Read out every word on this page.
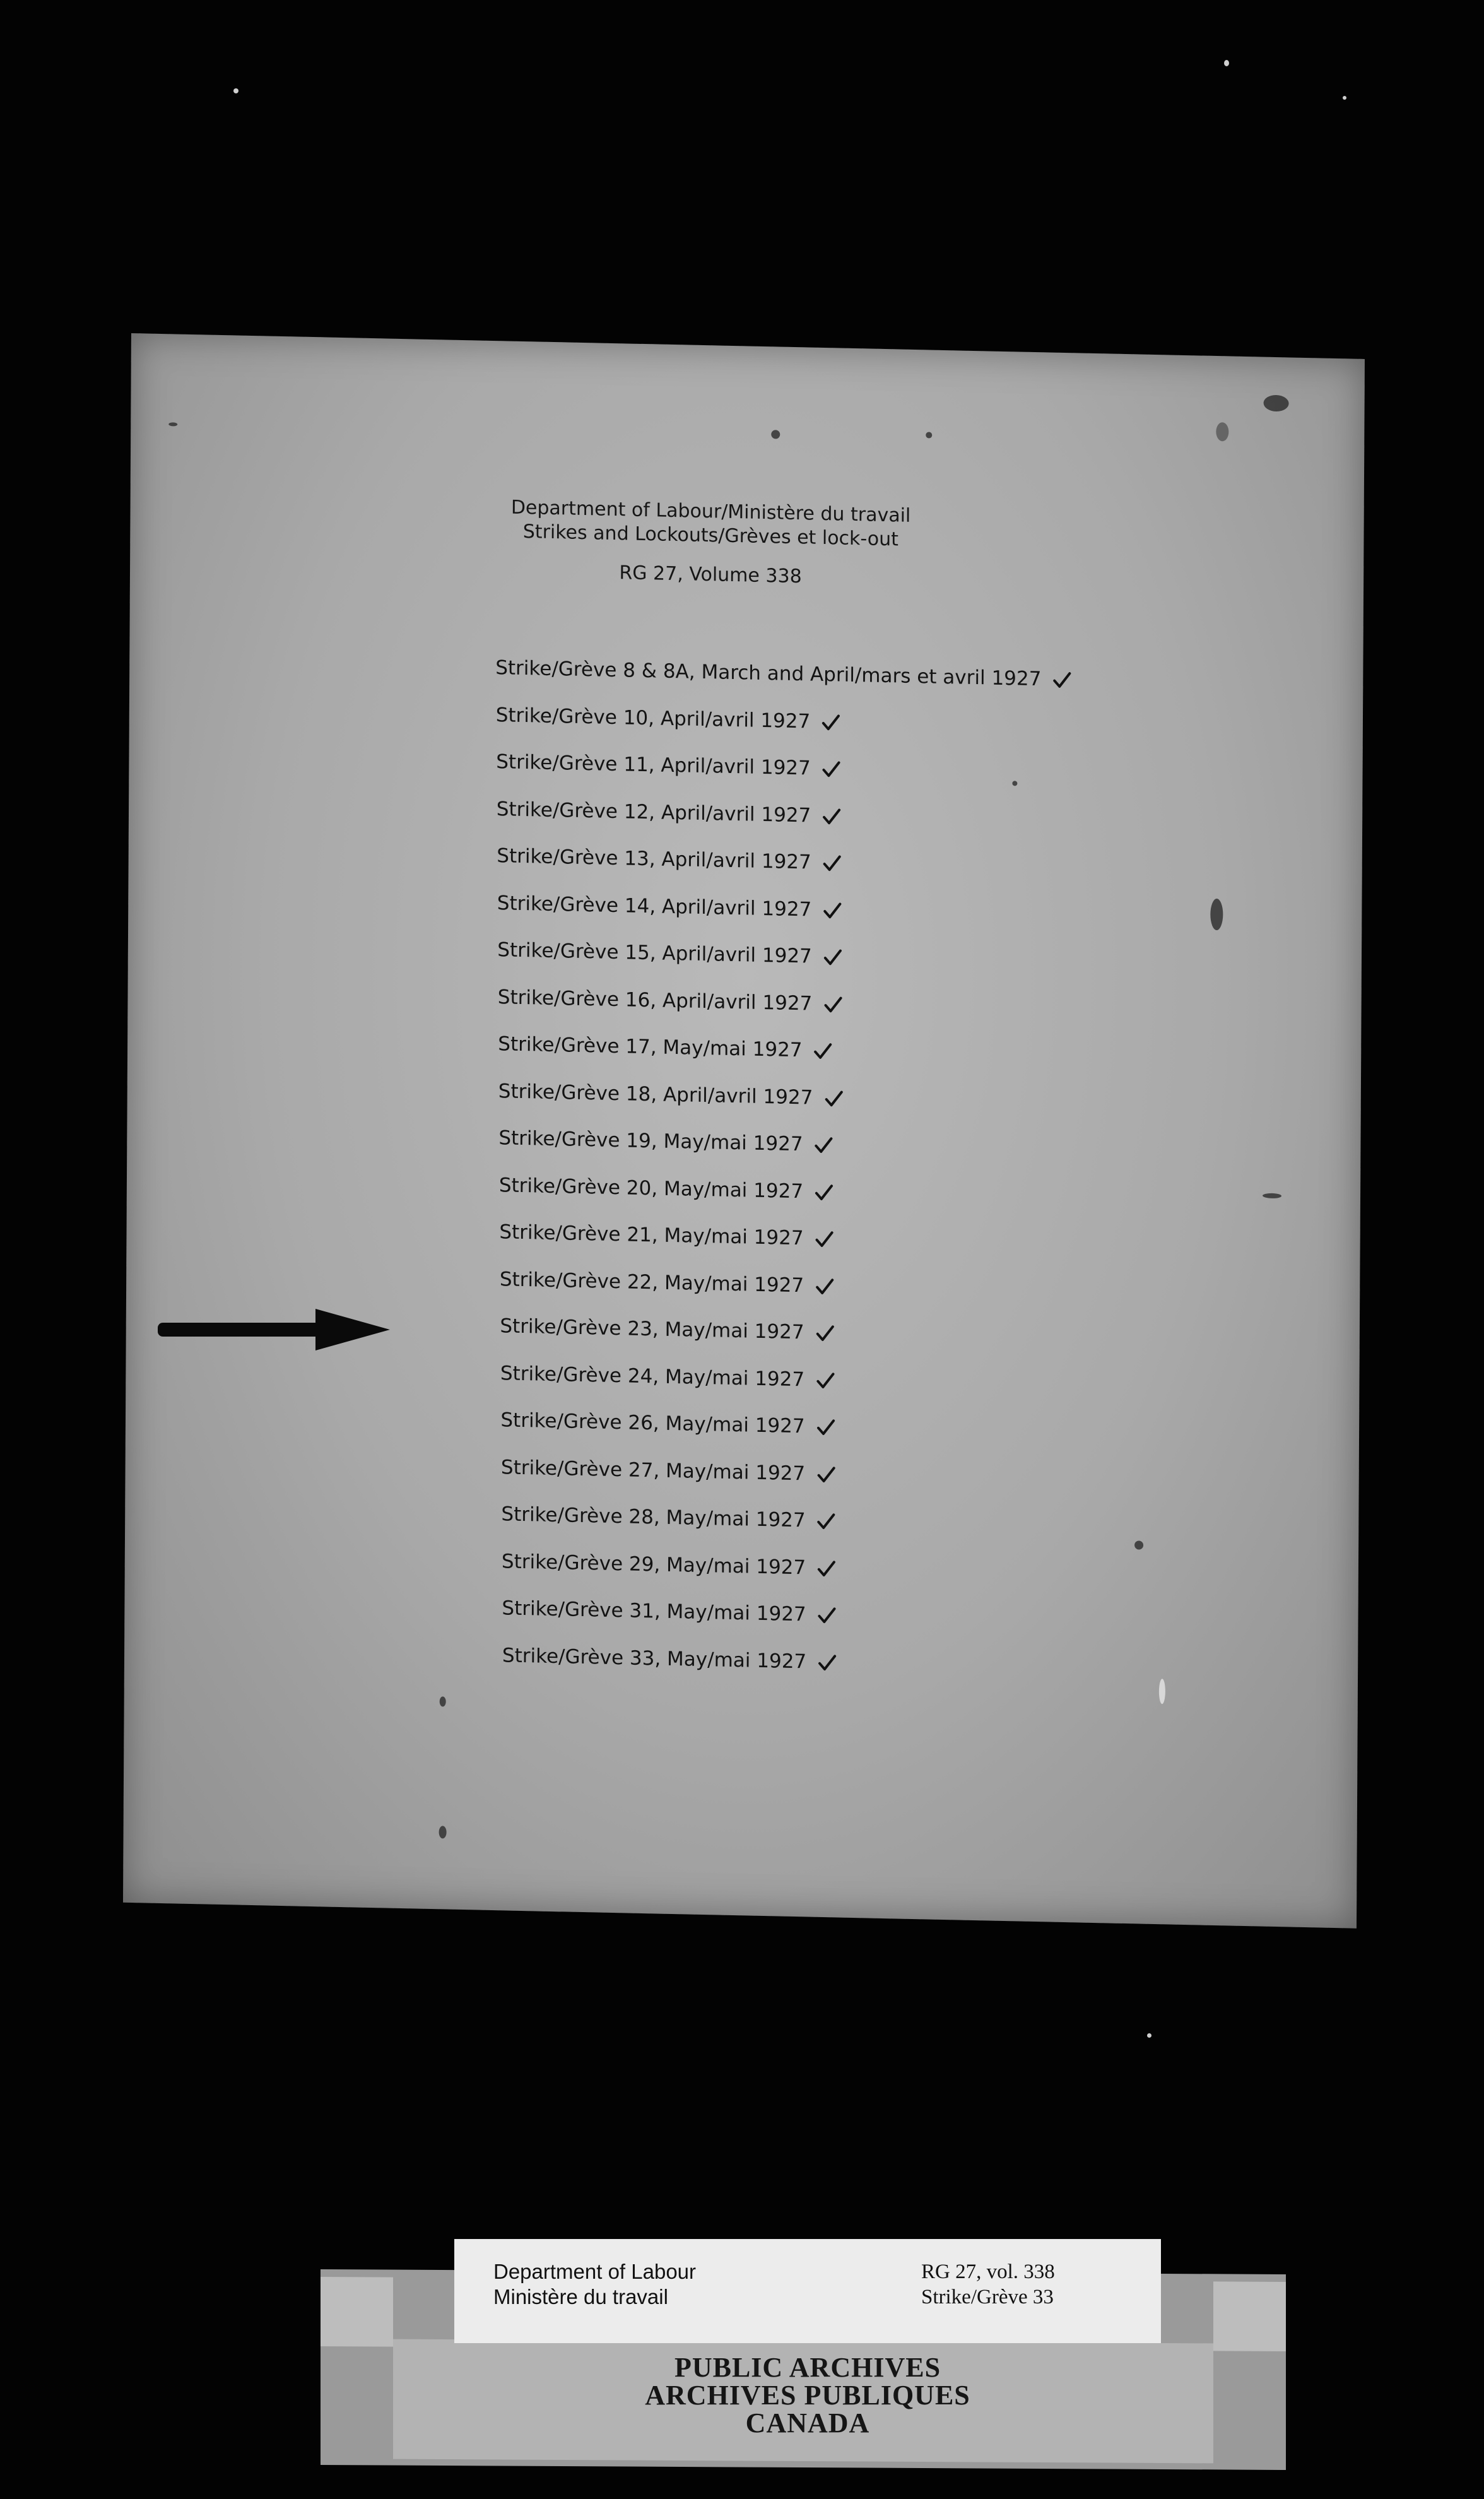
Department of Labour/Ministère du travail
Strikes and Lockouts/Grèves et lock-out
RG 27, Volume 338
Strike/Grève 8 & 8A, March and April/mars et avril 1927
Strike/Grève 10, April/avril 1927
Strike/Grève 11, April/avril 1927
Strike/Grève 12, April/avril 1927
Strike/Grève 13, April/avril 1927
Strike/Grève 14, April/avril 1927
Strike/Grève 15, April/avril 1927
Strike/Grève 16, April/avril 1927
Strike/Grève 17, May/mai 1927
Strike/Grève 18, April/avril 1927
Strike/Grève 19, May/mai 1927
Strike/Grève 20, May/mai 1927
Strike/Grève 21, May/mai 1927
Strike/Grève 22, May/mai 1927
Strike/Grève 23, May/mai 1927
Strike/Grève 24, May/mai 1927
Strike/Grève 26, May/mai 1927
Strike/Grève 27, May/mai 1927
Strike/Grève 28, May/mai 1927
Strike/Grève 29, May/mai 1927
Strike/Grève 31, May/mai 1927
Strike/Grève 33, May/mai 1927
Department of Labour
Ministère du travail
RG 27, vol. 338
Strike/Grève 33
PUBLIC ARCHIVES
ARCHIVES PUBLIQUES
CANADA
